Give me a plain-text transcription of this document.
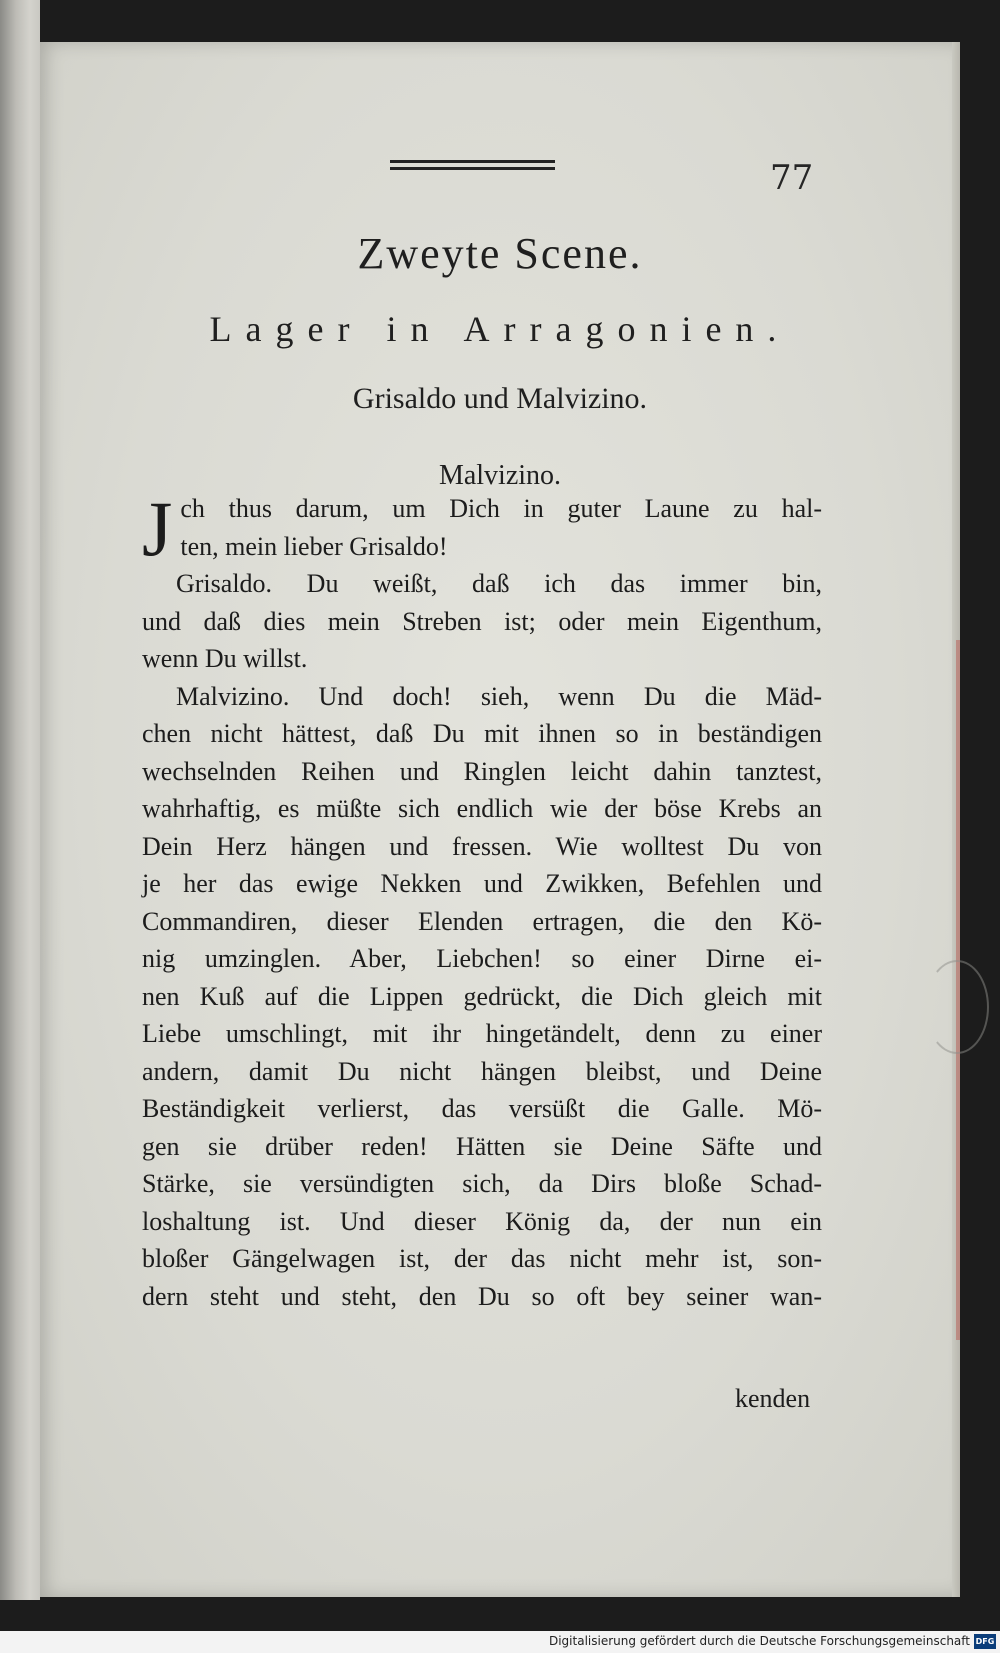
77
Zweyte Scene.
Lager in Arragonien.
Grisaldo und Malvizino.
Malvizino.
J ch thus darum, um Dich in guter Laune zu hal-
ten, mein lieber Grisaldo!
Grisaldo. Du weißt, daß ich das immer bin,
und daß dies mein Streben ist; oder mein Eigenthum,
wenn Du willst.
Malvizino. Und doch! sieh, wenn Du die Mäd-
chen nicht hättest, daß Du mit ihnen so in beständigen
wechselnden Reihen und Ringlen leicht dahin tanztest,
wahrhaftig, es müßte sich endlich wie der böse Krebs an
Dein Herz hängen und fressen. Wie wolltest Du von
je her das ewige Nekken und Zwikken, Befehlen und
Commandiren, dieser Elenden ertragen, die den Kö-
nig umzinglen. Aber, Liebchen! so einer Dirne ei-
nen Kuß auf die Lippen gedrückt, die Dich gleich mit
Liebe umschlingt, mit ihr hingetändelt, denn zu einer
andern, damit Du nicht hängen bleibst, und Deine
Beständigkeit verlierst, das versüßt die Galle. Mö-
gen sie drüber reden! Hätten sie Deine Säfte und
Stärke, sie versündigten sich, da Dirs bloße Schad-
loshaltung ist. Und dieser König da, der nun ein
bloßer Gängelwagen ist, der das nicht mehr ist, son-
dern steht und steht, den Du so oft bey seiner wan-
kenden
Digitalisierung gefördert durch die Deutsche Forschungsgemeinschaft DFG
